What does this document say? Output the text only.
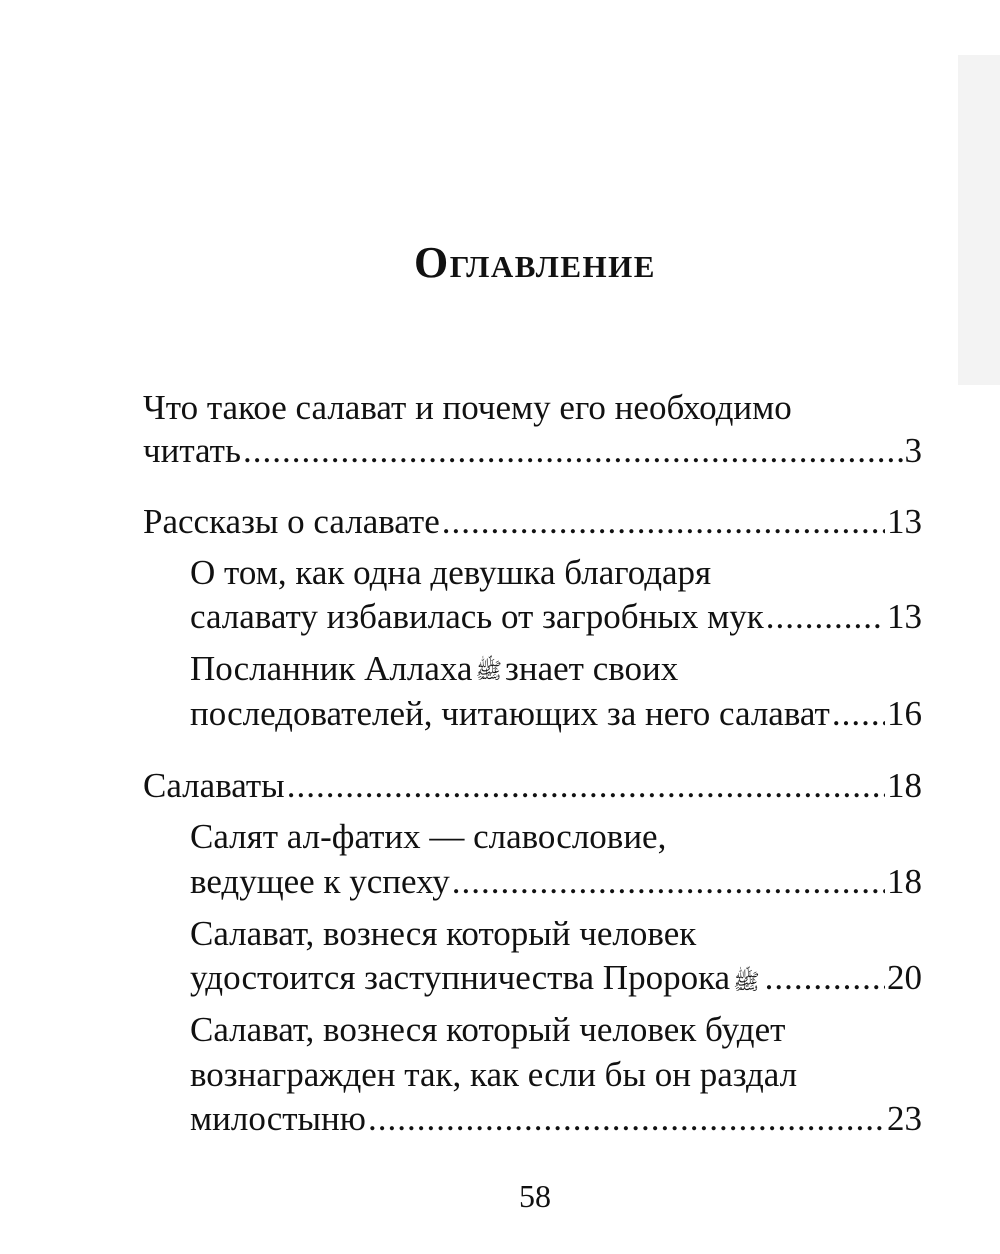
Оглавление
Что такое салават и почему его необходимо
читать .....	3
Рассказы о салавате .....	13
О том, как одна девушка благодаря
салавату избавилась от загробных мук .....	13
Посланник Аллаха ﷺзнает своих
последователей, читающих за него салават ..... 16
Салаваты .....	18
Салят ал-фатих — славословие,
ведущее к успеху .....	18
Салават, вознеся который человек
удостоится заступничества Пророка ﷺ .....	20
Салават, вознеся который человек будет
вознагражден так, как если бы он раздал
милостыню .....	23
58
